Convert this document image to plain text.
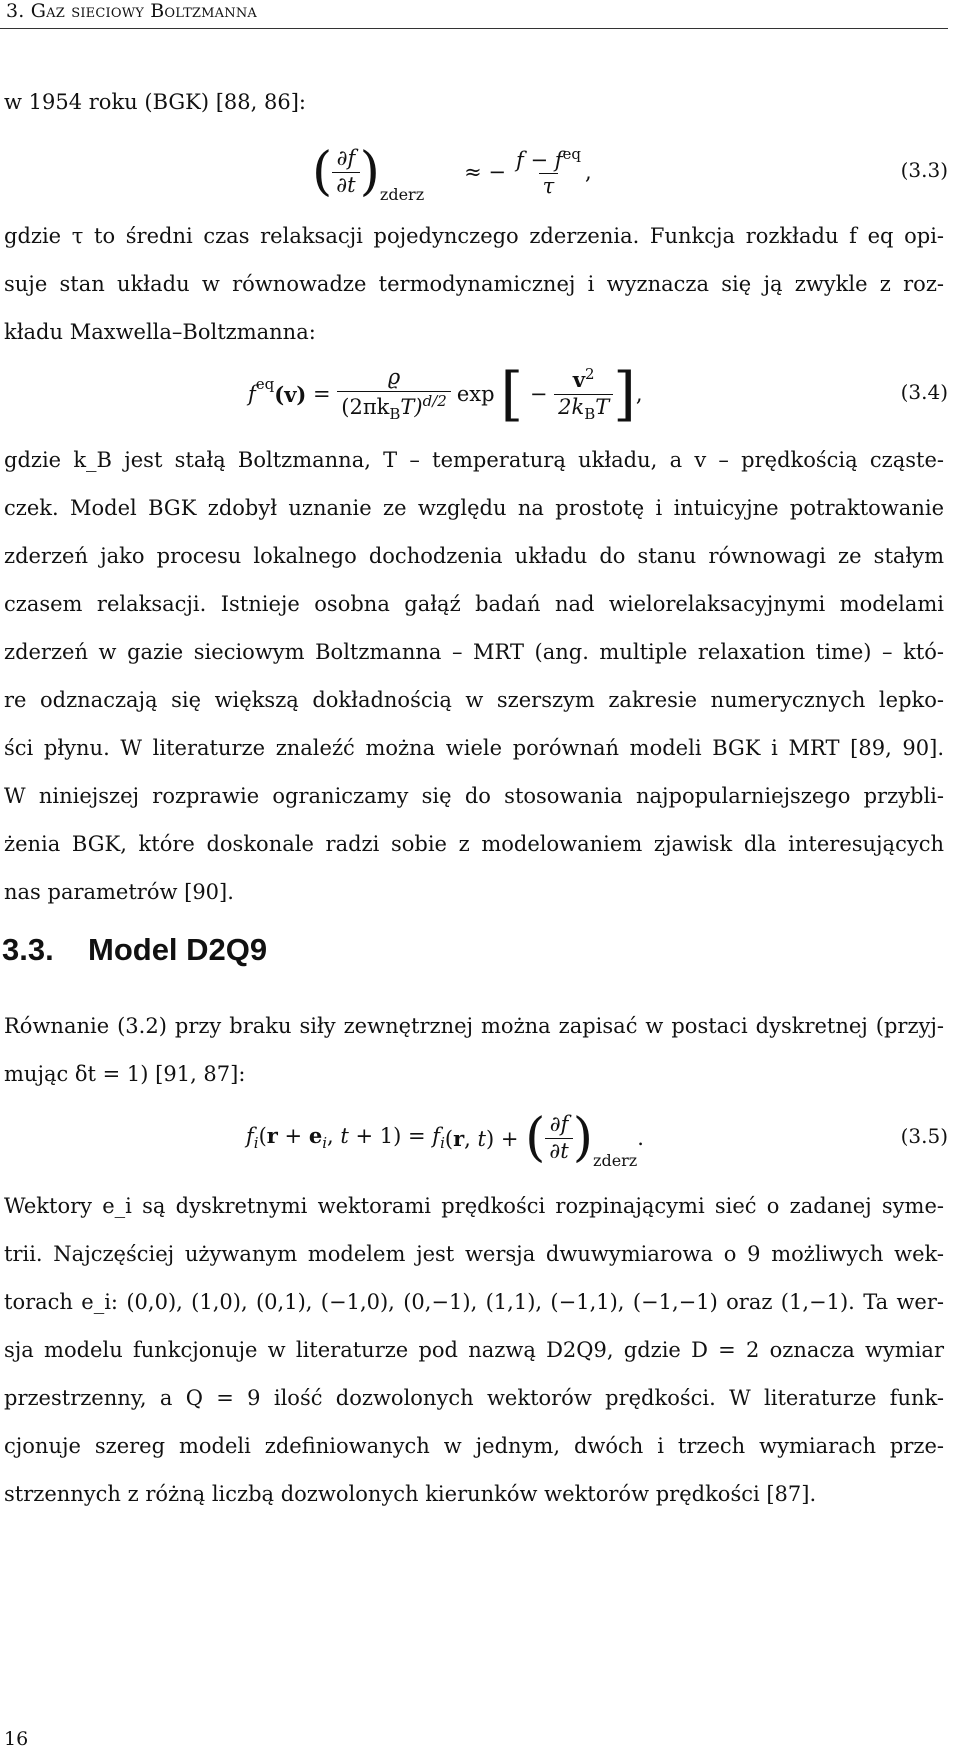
3. Gaz sieciowy Boltzmanna
w 1954 roku (BGK) [88, 86]:
( $\frac{\partial f}{\partial t}$ ) zderz
≈ − $\frac{f - f^{eq}}{\tau}$ ,	(3.3)
gdzie τ to średni czas relaksacji pojedynczego zderzenia. Funkcja rozkładu f eq opi-
suje stan układu w równowadze termodynamicznej i wyznacza się ją zwykle z roz-
kładu Maxwella–Boltzmanna:
$f^{eq}$ $(v) = \frac{ϱ}{(2\pi k_BT)^{d/2}}$ exp [ − $\frac{v^2}{2k_BT}$ ] ,	(3.4)
gdzie k_B jest stałą Boltzmanna, T – temperaturą układu, a v – prędkością cząste-
czek. Model BGK zdobył uznanie ze względu na prostotę i intuicyjne potraktowanie
zderzeń jako procesu lokalnego dochodzenia układu do stanu równowagi ze stałym
czasem relaksacji. Istnieje osobna gałąź badań nad wielorelaksacyjnymi modelami
zderzeń w gazie sieciowym Boltzmanna – MRT (ang. multiple relaxation time) – któ-
re odznaczają się większą dokładnością w szerszym zakresie numerycznych lepko-
ści płynu. W literaturze znaleźć można wiele porównań modeli BGK i MRT [89, 90].
W niniejszej rozprawie ograniczamy się do stosowania najpopularniejszego przybli-
żenia BGK, które doskonale radzi sobie z modelowaniem zjawisk dla interesujących
nas parametrów [90].
3.3. Model D2Q9
Równanie (3.2) przy braku siły zewnętrznej można zapisać w postaci dyskretnej (przyj-
mując δt = 1) [91, 87]:
$f_i$ ($r + e_i$, $t + 1) = f_i$ (r, t) + ( $\frac{\partial f}{\partial t}$ ) zderz
.	(3.5)
Wektory e_i są dyskretnymi wektorami prędkości rozpinającymi sieć o zadanej syme-
trii. Najczęściej używanym modelem jest wersja dwuwymiarowa o 9 możliwych wek-
torach e_i: (0,0), (1,0), (0,1), (−1,0), (0,−1), (1,1), (−1,1), (−1,−1) oraz (1,−1). Ta wer-
sja modelu funkcjonuje w literaturze pod nazwą D2Q9, gdzie D = 2 oznacza wymiar
przestrzenny, a Q = 9 ilość dozwolonych wektorów prędkości. W literaturze funk-
cjonuje szereg modeli zdefiniowanych w jednym, dwóch i trzech wymiarach prze-
strzennych z różną liczbą dozwolonych kierunków wektorów prędkości [87].
16
